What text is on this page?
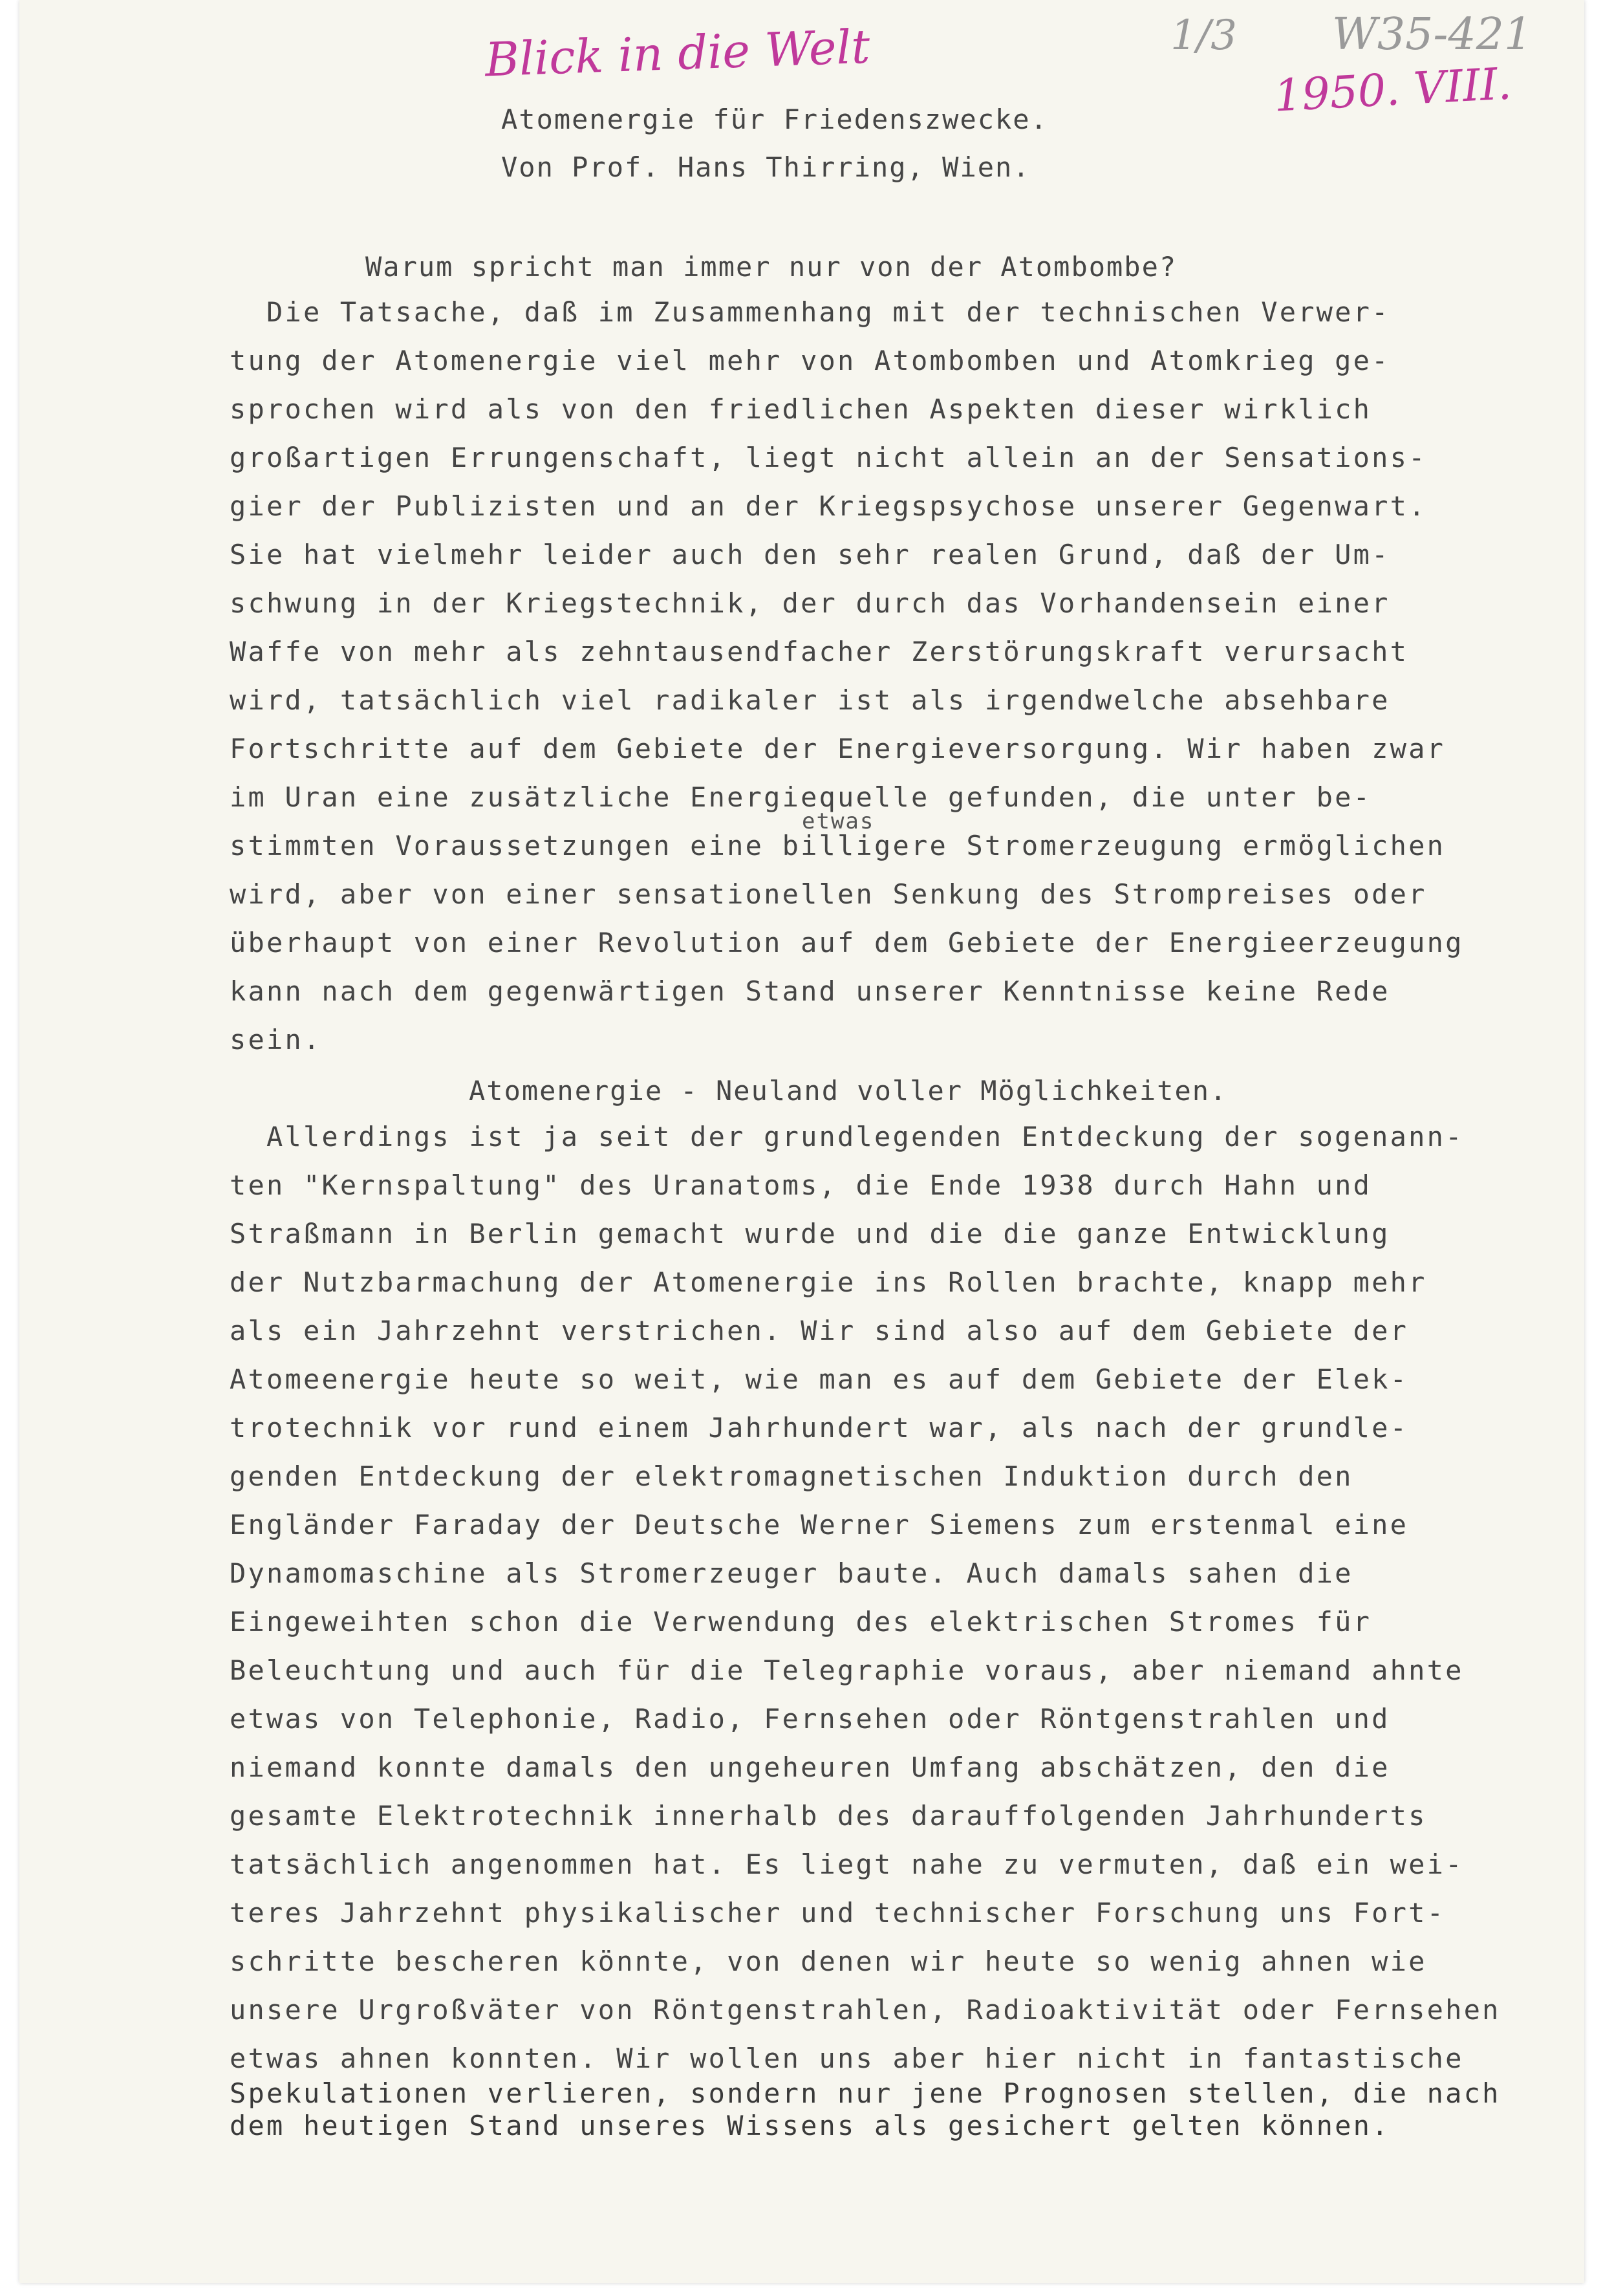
Blick in die Welt	1/3 W35-421
1950. VIII.
Atomenergie für Friedenszwecke.
Von Prof. Hans Thirring, Wien.
Warum spricht man immer nur von der Atombombe?
Die Tatsache, daß im Zusammenhang mit der technischen Verwer-
tung der Atomenergie viel mehr von Atombomben und Atomkrieg ge-
sprochen wird als von den friedlichen Aspekten dieser wirklich
großartigen Errungenschaft, liegt nicht allein an der Sensations-
gier der Publizisten und an der Kriegspsychose unserer Gegenwart.
Sie hat vielmehr leider auch den sehr realen Grund, daß der Um-
schwung in der Kriegstechnik, der durch das Vorhandensein einer
Waffe von mehr als zehntausendfacher Zerstörungskraft verursacht
wird, tatsächlich viel radikaler ist als irgendwelche absehbare
Fortschritte auf dem Gebiete der Energieversorgung. Wir haben zwar
im Uran eine zusätzliche Energiequelle gefunden, die unter be-
etwas
stimmten Voraussetzungen eine billigere Stromerzeugung ermöglichen
wird, aber von einer sensationellen Senkung des Strompreises oder
überhaupt von einer Revolution auf dem Gebiete der Energieerzeugung
kann nach dem gegenwärtigen Stand unserer Kenntnisse keine Rede
sein.
Atomenergie - Neuland voller Möglichkeiten.
Allerdings ist ja seit der grundlegenden Entdeckung der sogenann-
ten "Kernspaltung" des Uranatoms, die Ende 1938 durch Hahn und
Straßmann in Berlin gemacht wurde und die die ganze Entwicklung
der Nutzbarmachung der Atomenergie ins Rollen brachte, knapp mehr
als ein Jahrzehnt verstrichen. Wir sind also auf dem Gebiete der
Atomeenergie heute so weit, wie man es auf dem Gebiete der Elek-
trotechnik vor rund einem Jahrhundert war, als nach der grundle-
genden Entdeckung der elektromagnetischen Induktion durch den
Engländer Faraday der Deutsche Werner Siemens zum erstenmal eine
Dynamomaschine als Stromerzeuger baute. Auch damals sahen die
Eingeweihten schon die Verwendung des elektrischen Stromes für
Beleuchtung und auch für die Telegraphie voraus, aber niemand ahnte
etwas von Telephonie, Radio, Fernsehen oder Röntgenstrahlen und
niemand konnte damals den ungeheuren Umfang abschätzen, den die
gesamte Elektrotechnik innerhalb des darauffolgenden Jahrhunderts
tatsächlich angenommen hat. Es liegt nahe zu vermuten, daß ein wei-
teres Jahrzehnt physikalischer und technischer Forschung uns Fort-
schritte bescheren könnte, von denen wir heute so wenig ahnen wie
unsere Urgroßväter von Röntgenstrahlen, Radioaktivität oder Fernsehen
etwas ahnen konnten. Wir wollen uns aber hier nicht in fantastische
Spekulationen verlieren, sondern nur jene Prognosen stellen, die nach
dem heutigen Stand unseres Wissens als gesichert gelten können.
